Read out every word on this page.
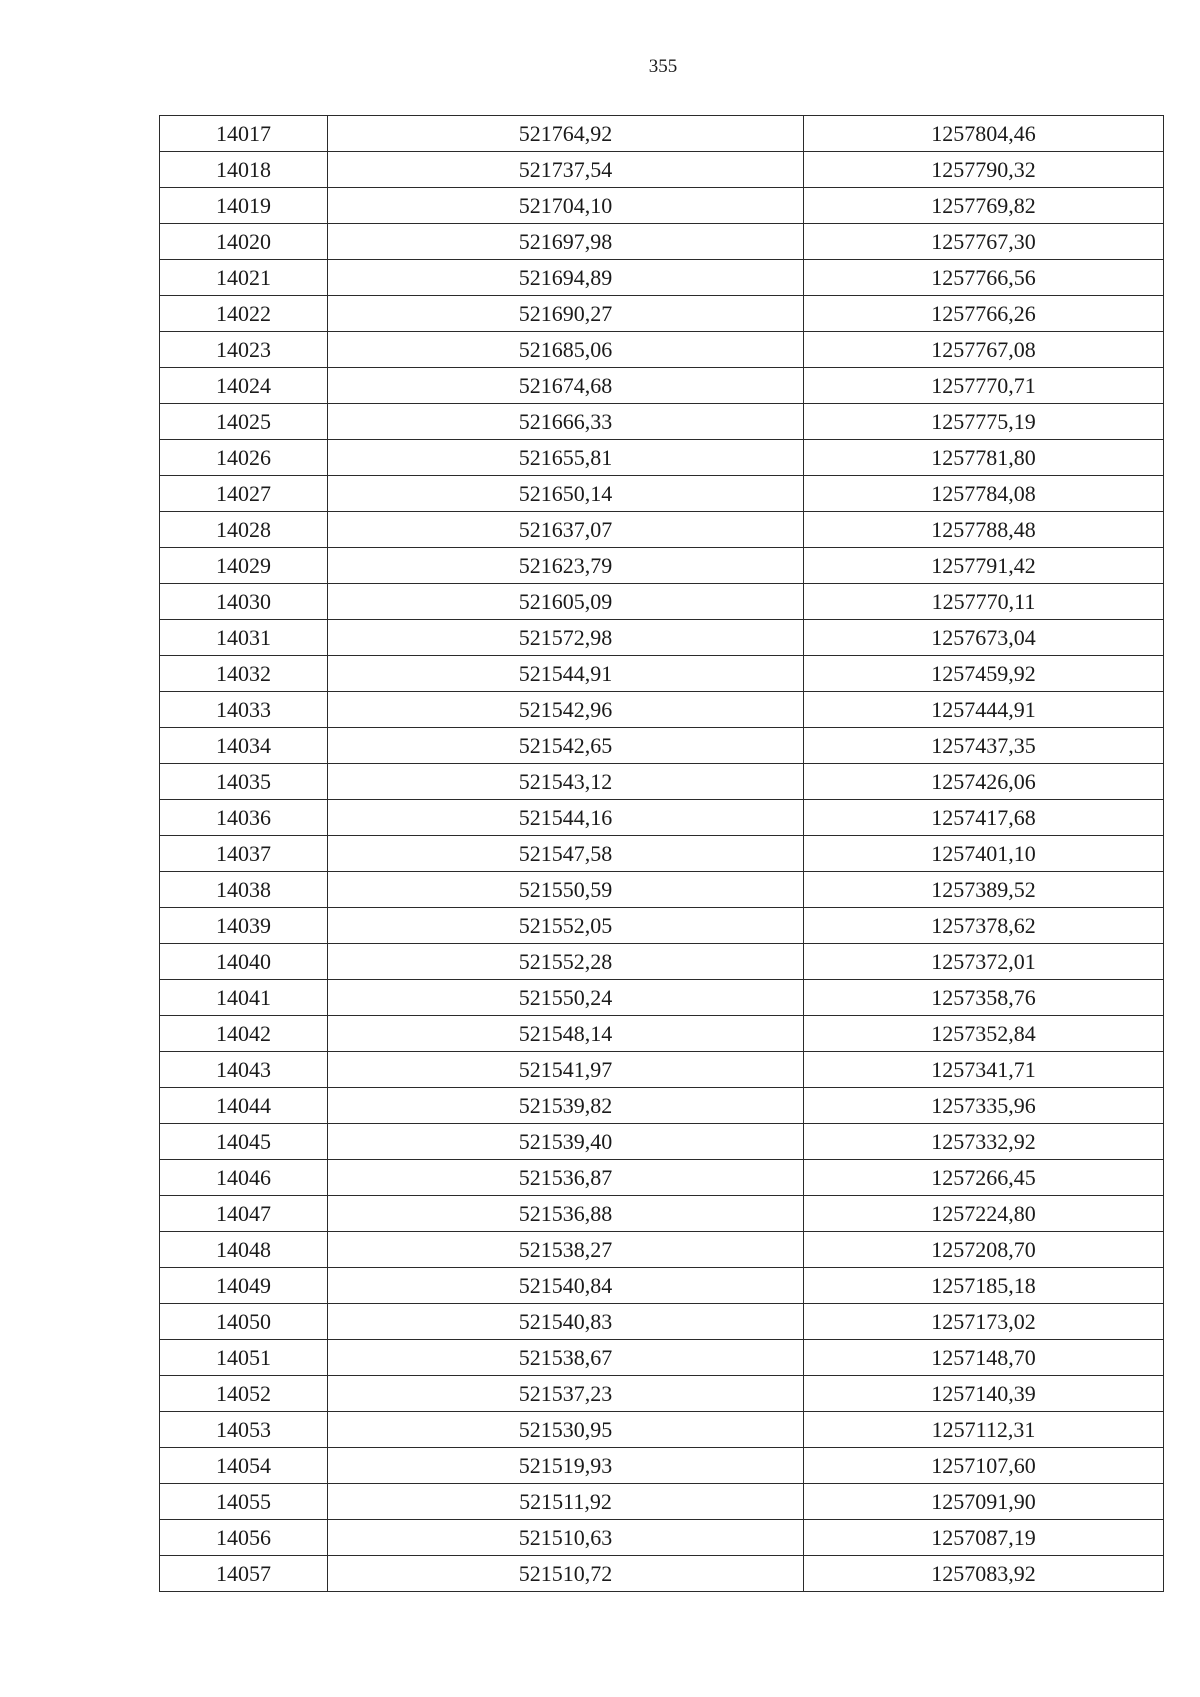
355
14017	521764,92	1257804,46
14018	521737,54	1257790,32
14019	521704,10	1257769,82
14020	521697,98	1257767,30
14021	521694,89	1257766,56
14022	521690,27	1257766,26
14023	521685,06	1257767,08
14024	521674,68	1257770,71
14025	521666,33	1257775,19
14026	521655,81	1257781,80
14027	521650,14	1257784,08
14028	521637,07	1257788,48
14029	521623,79	1257791,42
14030	521605,09	1257770,11
14031	521572,98	1257673,04
14032	521544,91	1257459,92
14033	521542,96	1257444,91
14034	521542,65	1257437,35
14035	521543,12	1257426,06
14036	521544,16	1257417,68
14037	521547,58	1257401,10
14038	521550,59	1257389,52
14039	521552,05	1257378,62
14040	521552,28	1257372,01
14041	521550,24	1257358,76
14042	521548,14	1257352,84
14043	521541,97	1257341,71
14044	521539,82	1257335,96
14045	521539,40	1257332,92
14046	521536,87	1257266,45
14047	521536,88	1257224,80
14048	521538,27	1257208,70
14049	521540,84	1257185,18
14050	521540,83	1257173,02
14051	521538,67	1257148,70
14052	521537,23	1257140,39
14053	521530,95	1257112,31
14054	521519,93	1257107,60
14055	521511,92	1257091,90
14056	521510,63	1257087,19
14057	521510,72	1257083,92
